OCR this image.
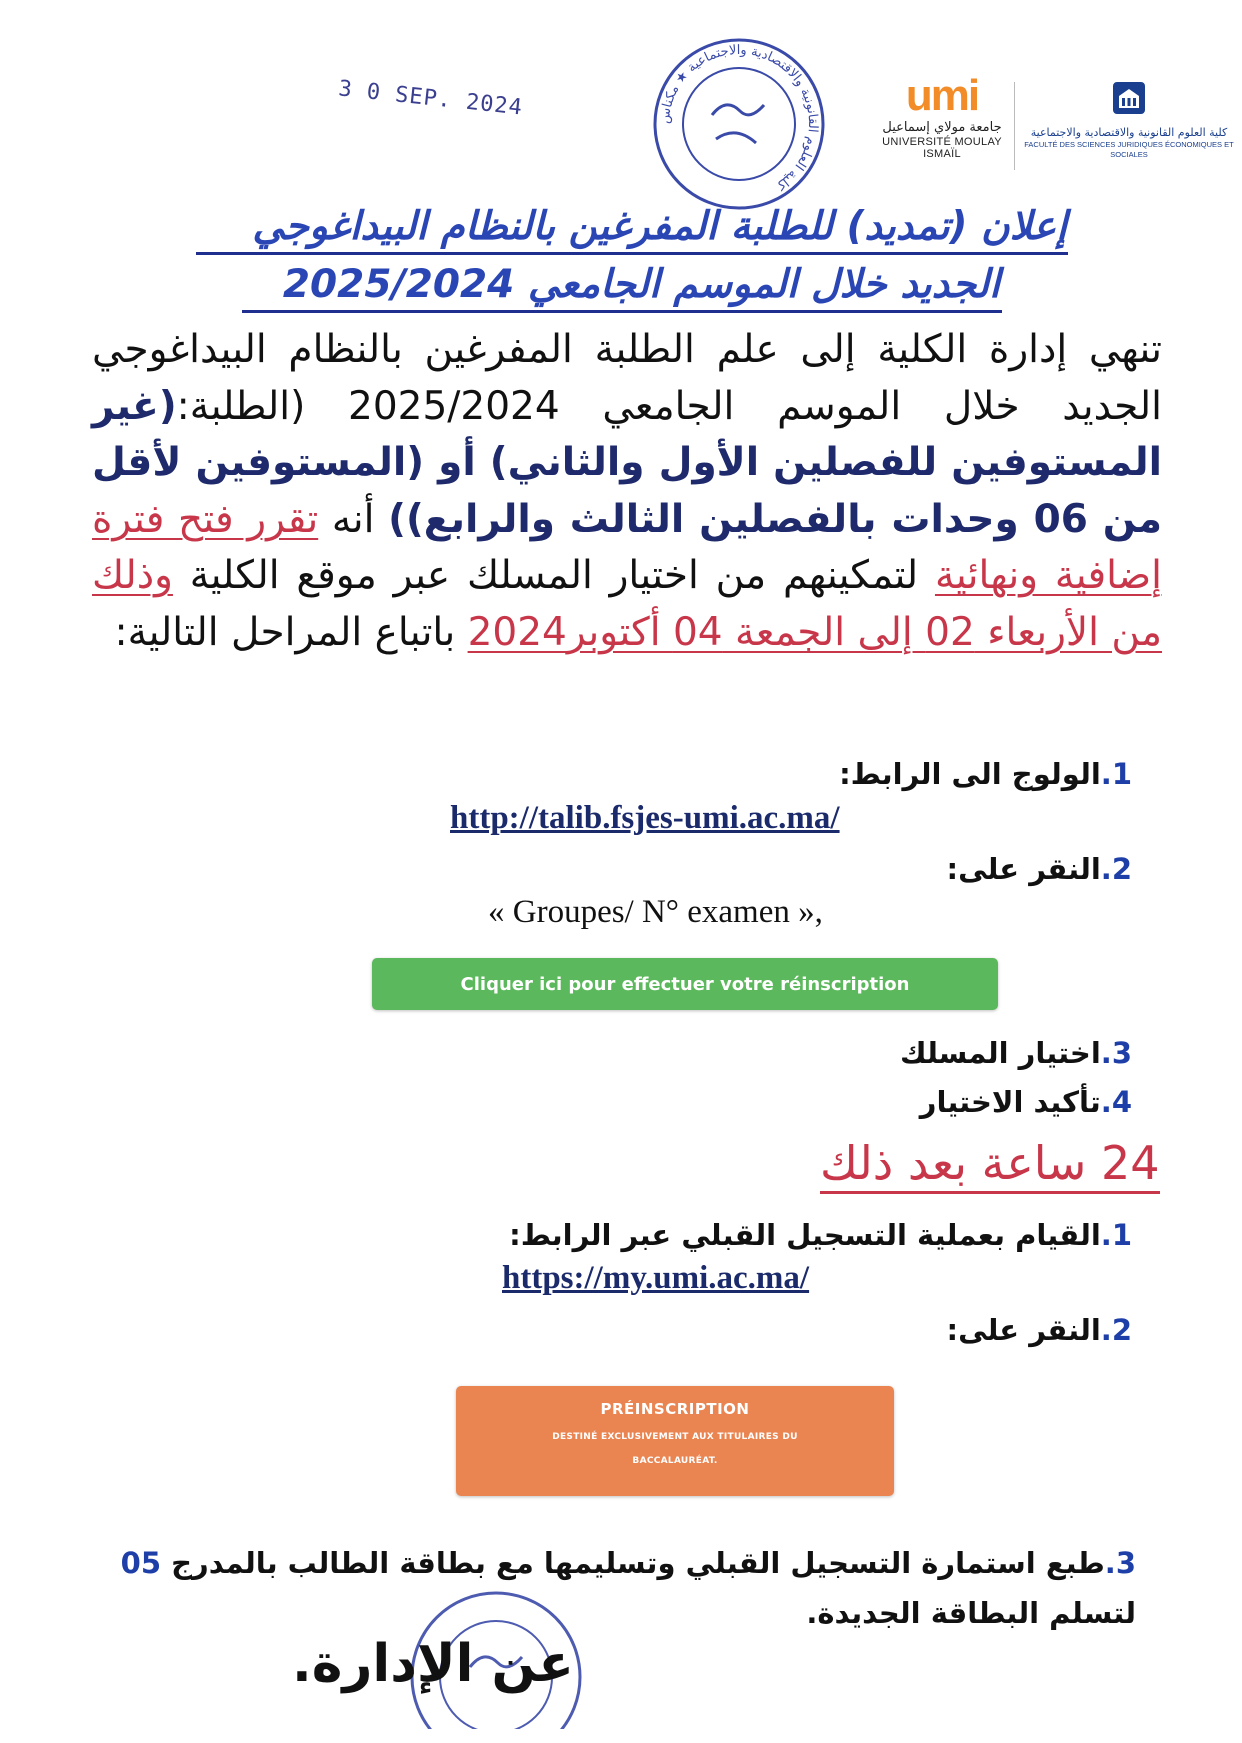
3 0 SEP. 2024	كلية العلوم القانونية والاقتصادية والاجتماعية ★ مكناس
umi
جامعة مولاي إسماعيل
UNIVERSITÉ MOULAY ISMAÏL
كلية العلوم القانونية والاقتصادية والاجتماعية
FACULTÉ DES SCIENCES JURIDIQUES ÉCONOMIQUES ET SOCIALES
إعلان (تمديد) للطلبة المفرغين بالنظام البيداغوجي
الجديد خلال الموسم الجامعي 2025/2024
تنهي إدارة الكلية إلى علم الطلبة المفرغين بالنظام البيداغوجي الجديد خلال الموسم الجامعي 2025/2024 (الطلبة:(غير المستوفين للفصلين الأول والثاني) أو (المستوفين لأقل من 06 وحدات بالفصلين الثالث والرابع)) أنه تقرر فتح فترة إضافية ونهائية لتمكينهم من اختيار المسلك عبر موقع الكلية وذلك من الأربعاء 02 إلى الجمعة 04 أكتوبر2024 باتباع المراحل التالية:
1.الولوج الى الرابط:
http://talib.fsjes-umi.ac.ma/
2.النقر على:
« Groupes/ N° examen »,
Cliquer ici pour effectuer votre réinscription
3.اختيار المسلك
4.تأكيد الاختيار
24 ساعة بعد ذلك
1.القيام بعملية التسجيل القبلي عبر الرابط:
https://my.umi.ac.ma/
2.النقر على:
PRÉINSCRIPTION
DESTINÉ EXCLUSIVEMENT AUX TITULAIRES DU
BACCALAURÉAT.
3.طبع استمارة التسجيل القبلي وتسليمها مع بطاقة الطالب بالمدرج 05 لتسلم البطاقة الجديدة.
عن الإدارة.
